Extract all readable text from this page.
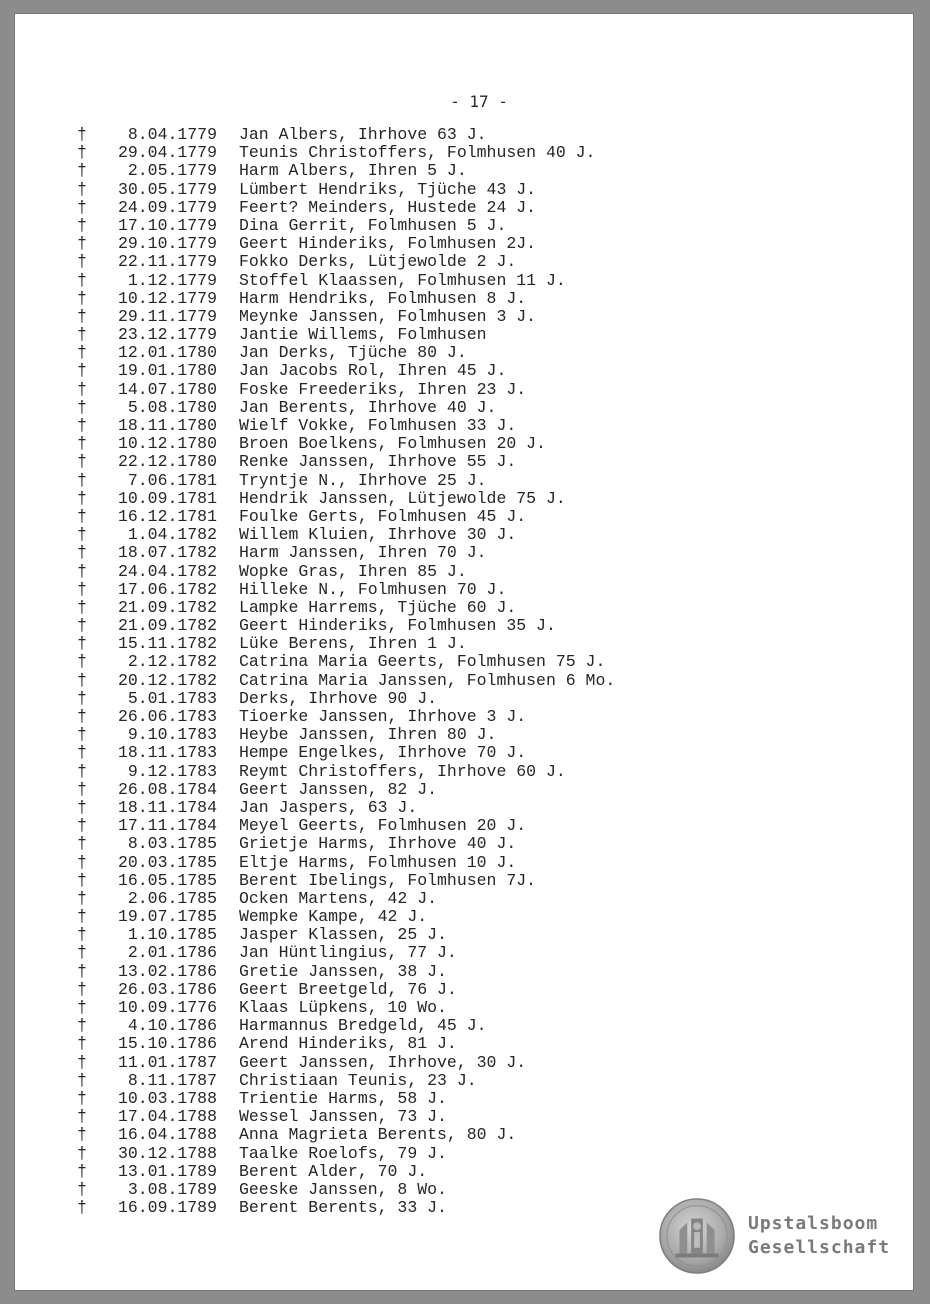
- 17 -
†	8.04.1779 Jan Albers, Ihrhove 63 J.
†	29.04.1779 Teunis Christoffers, Folmhusen 40 J.
†	2.05.1779 Harm Albers, Ihren 5 J.
†	30.05.1779 Lümbert Hendriks, Tjüche 43 J.
†	24.09.1779 Feert? Meinders, Hustede 24 J.
†	17.10.1779 Dina Gerrit, Folmhusen 5 J.
†	29.10.1779 Geert Hinderiks, Folmhusen 2J.
†	22.11.1779 Fokko Derks, Lütjewolde 2 J.
†	1.12.1779 Stoffel Klaassen, Folmhusen 11 J.
†	10.12.1779 Harm Hendriks, Folmhusen 8 J.
†	29.11.1779 Meynke Janssen, Folmhusen 3 J.
†	23.12.1779 Jantie Willems, Folmhusen
†	12.01.1780 Jan Derks, Tjüche 80 J.
†	19.01.1780 Jan Jacobs Rol, Ihren 45 J.
†	14.07.1780 Foske Freederiks, Ihren 23 J.
†	5.08.1780 Jan Berents, Ihrhove 40 J.
†	18.11.1780 Wielf Vokke, Folmhusen 33 J.
†	10.12.1780 Broen Boelkens, Folmhusen 20 J.
†	22.12.1780 Renke Janssen, Ihrhove 55 J.
†	7.06.1781 Tryntje N., Ihrhove 25 J.
†	10.09.1781 Hendrik Janssen, Lütjewolde 75 J.
†	16.12.1781 Foulke Gerts, Folmhusen 45 J.
†	1.04.1782 Willem Kluien, Ihrhove 30 J.
†	18.07.1782 Harm Janssen, Ihren 70 J.
†	24.04.1782 Wopke Gras, Ihren 85 J.
†	17.06.1782 Hilleke N., Folmhusen 70 J.
†	21.09.1782 Lampke Harrems, Tjüche 60 J.
†	21.09.1782 Geert Hinderiks, Folmhusen 35 J.
†	15.11.1782 Lüke Berens, Ihren 1 J.
†	2.12.1782 Catrina Maria Geerts, Folmhusen 75 J.
†	20.12.1782 Catrina Maria Janssen, Folmhusen 6 Mo.
†	5.01.1783 Derks, Ihrhove 90 J.
†	26.06.1783 Tioerke Janssen, Ihrhove 3 J.
†	9.10.1783 Heybe Janssen, Ihren 80 J.
†	18.11.1783 Hempe Engelkes, Ihrhove 70 J.
†	9.12.1783 Reymt Christoffers, Ihrhove 60 J.
†	26.08.1784 Geert Janssen, 82 J.
†	18.11.1784 Jan Jaspers, 63 J.
†	17.11.1784 Meyel Geerts, Folmhusen 20 J.
†	8.03.1785 Grietje Harms, Ihrhove 40 J.
†	20.03.1785 Eltje Harms, Folmhusen 10 J.
†	16.05.1785 Berent Ibelings, Folmhusen 7J.
†	2.06.1785 Ocken Martens, 42 J.
†	19.07.1785 Wempke Kampe, 42 J.
†	1.10.1785 Jasper Klassen, 25 J.
†	2.01.1786 Jan Hüntlingius, 77 J.
†	13.02.1786 Gretie Janssen, 38 J.
†	26.03.1786 Geert Breetgeld, 76 J.
†	10.09.1776 Klaas Lüpkens, 10 Wo.
†	4.10.1786 Harmannus Bredgeld, 45 J.
†	15.10.1786 Arend Hinderiks, 81 J.
†	11.01.1787 Geert Janssen, Ihrhove, 30 J.
†	8.11.1787 Christiaan Teunis, 23 J.
†	10.03.1788 Trientie Harms, 58 J.
†	17.04.1788 Wessel Janssen, 73 J.
†	16.04.1788 Anna Magrieta Berents, 80 J.
†	30.12.1788 Taalke Roelofs, 79 J.
†	13.01.1789 Berent Alder, 70 J.
†	3.08.1789 Geeske Janssen, 8 Wo.
†	16.09.1789 Berent Berents, 33 J.
Upstalsboom
Gesellschaft
